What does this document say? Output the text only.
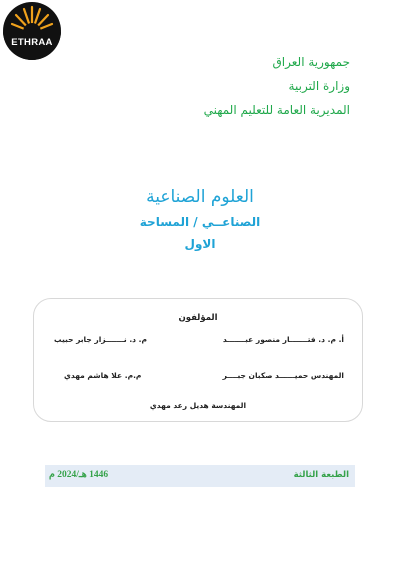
ETHRAA
جمهورية العراق
وزارة التربية
المديرية العامة للتعليم المهني
العلوم الصناعية
الصناعــي / المساحة
الاول
المؤلفون
أ. م. د. فتـــــــار منصور عبـــــــد
م. د. نـــــــزار جابر حبيب
المهندس حميــــــد صكبان جبــــر
م.م. علا هاشم مهدي
المهندسة هديل رعد مهدي
الطبعة الثالثة
1446 هـ/2024 م
